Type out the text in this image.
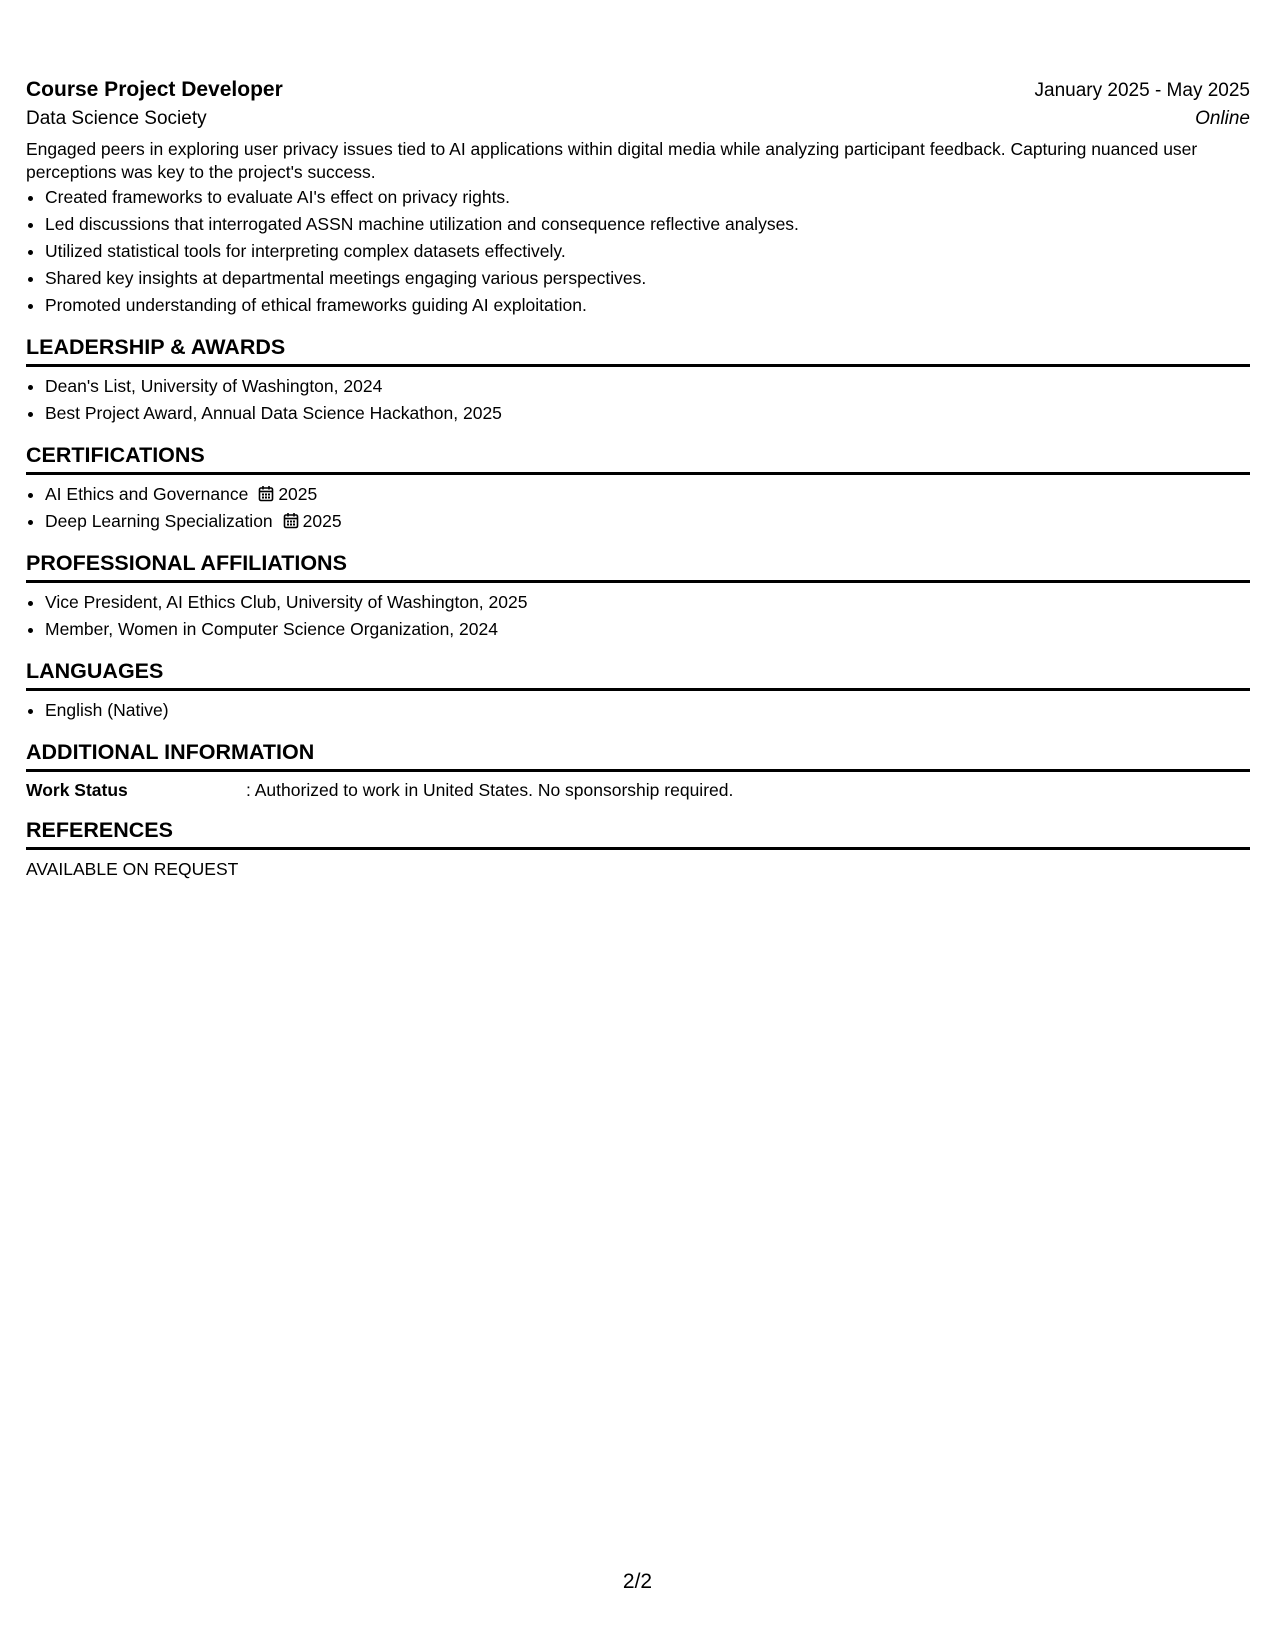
Course Project Developer	January 2025 - May 2025
Data Science Society	Online
Engaged peers in exploring user privacy issues tied to AI applications within digital media while analyzing participant feedback. Capturing nuanced user perceptions was key to the project's success.
• Created frameworks to evaluate AI's effect on privacy rights.
• Led discussions that interrogated ASSN machine utilization and consequence reflective analyses.
• Utilized statistical tools for interpreting complex datasets effectively.
• Shared key insights at departmental meetings engaging various perspectives.
• Promoted understanding of ethical frameworks guiding AI exploitation.
LEADERSHIP & AWARDS
• Dean's List, University of Washington, 2024
• Best Project Award, Annual Data Science Hackathon, 2025
CERTIFICATIONS
• AI Ethics and Governance 2025
• Deep Learning Specialization 2025
PROFESSIONAL AFFILIATIONS
• Vice President, AI Ethics Club, University of Washington, 2025
• Member, Women in Computer Science Organization, 2024
LANGUAGES
• English (Native)
ADDITIONAL INFORMATION
Work Status	: Authorized to work in United States. No sponsorship required.
REFERENCES
AVAILABLE ON REQUEST
2/2
